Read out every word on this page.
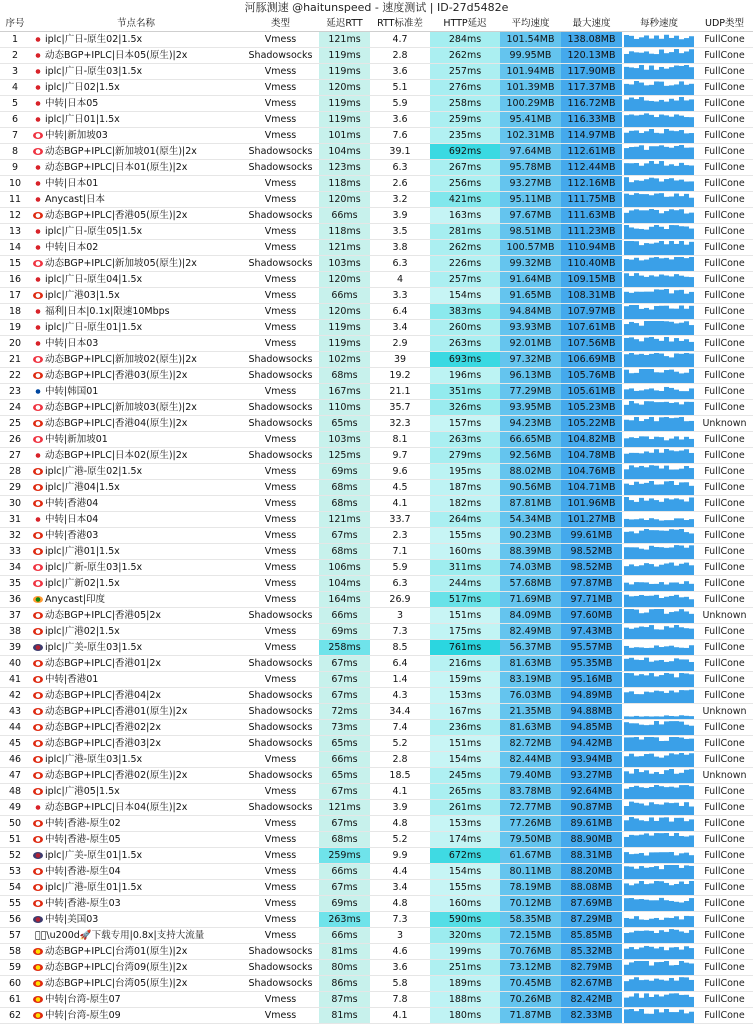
河豚测速 @haitunspeed - 速度测试 | ID-27d5482e
序号	节点名称	类型	延迟RTT	RTT标准差	HTTP延迟	平均速度	最大速度	每秒速度	UDP类型
1	iplc|广日-原生02|1.5x	Vmess	121ms	4.7	284ms	101.54MB	138.08MB		FullCone
2	动态BGP+IPLC|日本05(原生)|2x	Shadowsocks	119ms	2.8	262ms	99.95MB	120.13MB		FullCone
3	iplc|广日-原生03|1.5x	Vmess	119ms	3.6	257ms	101.94MB	117.90MB		FullCone
4	iplc|广日02|1.5x	Vmess	120ms	5.1	276ms	101.39MB	117.37MB		FullCone
5	中转|日本05	Vmess	119ms	5.9	258ms	100.29MB	116.72MB		FullCone
6	iplc|广日01|1.5x	Vmess	119ms	3.6	259ms	95.41MB	116.33MB		FullCone
7	中转|新加坡03	Vmess	101ms	7.6	235ms	102.31MB	114.97MB		FullCone
8	动态BGP+IPLC|新加坡01(原生)|2x	Shadowsocks	104ms	39.1	692ms	97.64MB	112.61MB		FullCone
9	动态BGP+IPLC|日本01(原生)|2x	Shadowsocks	123ms	6.3	267ms	95.78MB	112.44MB		FullCone
10	中转|日本01	Vmess	118ms	2.6	256ms	93.27MB	112.16MB		FullCone
11	Anycast|日本	Vmess	120ms	3.2	421ms	95.11MB	111.75MB		FullCone
12	动态BGP+IPLC|香港05(原生)|2x	Shadowsocks	66ms	3.9	163ms	97.67MB	111.63MB		FullCone
13	iplc|广日-原生05|1.5x	Vmess	118ms	3.5	281ms	98.51MB	111.23MB		FullCone
14	中转|日本02	Vmess	121ms	3.8	262ms	100.57MB	110.94MB		FullCone
15	动态BGP+IPLC|新加坡05(原生)|2x	Shadowsocks	103ms	6.3	226ms	99.32MB	110.40MB		FullCone
16	iplc|广日-原生04|1.5x	Vmess	120ms	4	257ms	91.64MB	109.15MB		FullCone
17	iplc|广港03|1.5x	Vmess	66ms	3.3	154ms	91.65MB	108.31MB		FullCone
18	福利|日本|0.1x|限速10Mbps	Vmess	120ms	6.4	383ms	94.84MB	107.97MB		FullCone
19	iplc|广日-原生01|1.5x	Vmess	119ms	3.4	260ms	93.93MB	107.61MB		FullCone
20	中转|日本03	Vmess	119ms	2.9	263ms	92.01MB	107.56MB		FullCone
21	动态BGP+IPLC|新加坡02(原生)|2x	Shadowsocks	102ms	39	693ms	97.32MB	106.69MB		FullCone
22	动态BGP+IPLC|香港03(原生)|2x	Shadowsocks	68ms	19.2	196ms	96.13MB	105.76MB		FullCone
23	中转|韩国01	Vmess	167ms	21.1	351ms	77.29MB	105.61MB		FullCone
24	动态BGP+IPLC|新加坡03(原生)|2x	Shadowsocks	110ms	35.7	326ms	93.95MB	105.23MB		FullCone
25	动态BGP+IPLC|香港04(原生)|2x	Shadowsocks	65ms	32.3	157ms	94.23MB	105.22MB		Unknown
26	中转|新加坡01	Vmess	103ms	8.1	263ms	66.65MB	104.82MB		FullCone
27	动态BGP+IPLC|日本02(原生)|2x	Shadowsocks	125ms	9.7	279ms	92.56MB	104.78MB		FullCone
28	iplc|广港-原生02|1.5x	Vmess	69ms	9.6	195ms	88.02MB	104.76MB		FullCone
29	iplc|广港04|1.5x	Vmess	68ms	4.5	187ms	90.56MB	104.71MB		FullCone
30	中转|香港04	Vmess	68ms	4.1	182ms	87.81MB	101.96MB		FullCone
31	中转|日本04	Vmess	121ms	33.7	264ms	54.34MB	101.27MB		FullCone
32	中转|香港03	Vmess	67ms	2.3	155ms	90.23MB	99.61MB		FullCone
33	iplc|广港01|1.5x	Vmess	68ms	7.1	160ms	88.39MB	98.52MB		FullCone
34	iplc|广新-原生03|1.5x	Vmess	106ms	5.9	311ms	74.03MB	98.52MB		FullCone
35	iplc|广新02|1.5x	Vmess	104ms	6.3	244ms	57.68MB	97.87MB		FullCone
36	Anycast|印度	Vmess	164ms	26.9	517ms	71.69MB	97.71MB		FullCone
37	动态BGP+IPLC|香港05|2x	Shadowsocks	66ms	3	151ms	84.09MB	97.60MB		Unknown
38	iplc|广港02|1.5x	Vmess	69ms	7.3	175ms	82.49MB	97.43MB		FullCone
39	iplc|广美-原生03|1.5x	Vmess	258ms	8.5	761ms	56.37MB	95.57MB		FullCone
40	动态BGP+IPLC|香港01|2x	Shadowsocks	67ms	6.4	216ms	81.63MB	95.35MB		FullCone
41	中转|香港01	Vmess	67ms	1.4	159ms	83.19MB	95.16MB		FullCone
42	动态BGP+IPLC|香港04|2x	Shadowsocks	67ms	4.3	153ms	76.03MB	94.89MB		FullCone
43	动态BGP+IPLC|香港01(原生)|2x	Shadowsocks	72ms	34.4	167ms	21.35MB	94.88MB		Unknown
44	动态BGP+IPLC|香港02|2x	Shadowsocks	73ms	7.4	236ms	81.63MB	94.85MB		FullCone
45	动态BGP+IPLC|香港03|2x	Shadowsocks	65ms	5.2	151ms	82.72MB	94.42MB		FullCone
46	iplc|广港-原生03|1.5x	Vmess	66ms	2.8	154ms	82.44MB	93.94MB		FullCone
47	动态BGP+IPLC|香港02(原生)|2x	Shadowsocks	65ms	18.5	245ms	79.40MB	93.27MB		Unknown
48	iplc|广港05|1.5x	Vmess	67ms	4.1	265ms	83.78MB	92.64MB		FullCone
49	动态BGP+IPLC|日本04(原生)|2x	Shadowsocks	121ms	3.9	261ms	72.77MB	90.87MB		FullCone
50	中转|香港-原生02	Vmess	67ms	4.8	153ms	77.26MB	89.61MB		FullCone
51	中转|香港-原生05	Vmess	68ms	5.2	174ms	79.50MB	88.90MB		FullCone
52	iplc|广美-原生01|1.5x	Vmess	259ms	9.9	672ms	61.67MB	88.31MB		FullCone
53	中转|香港-原生04	Vmess	66ms	4.4	154ms	80.11MB	88.20MB		FullCone
54	iplc|广港-原生01|1.5x	Vmess	67ms	3.4	155ms	78.19MB	88.08MB		FullCone
55	中转|香港-原生03	Vmess	69ms	4.8	160ms	70.12MB	87.69MB		FullCone
56	中转|美国03	Vmess	263ms	7.3	590ms	58.35MB	87.29MB		FullCone
57	  \u200d🚀下载专用|0.8x|支持大流量	Vmess	66ms	3	320ms	72.15MB	85.85MB		FullCone
58	动态BGP+IPLC|台湾01(原生)|2x	Shadowsocks	81ms	4.6	199ms	70.76MB	85.32MB		FullCone
59	动态BGP+IPLC|台湾09(原生)|2x	Shadowsocks	80ms	3.6	251ms	73.12MB	82.79MB		FullCone
60	动态BGP+IPLC|台湾05(原生)|2x	Shadowsocks	86ms	5.8	189ms	70.45MB	82.67MB		FullCone
61	中转|台湾-原生07	Vmess	87ms	7.8	188ms	70.26MB	82.42MB		FullCone
62	中转|台湾-原生09	Vmess	81ms	4.1	180ms	71.87MB	82.33MB		FullCone
